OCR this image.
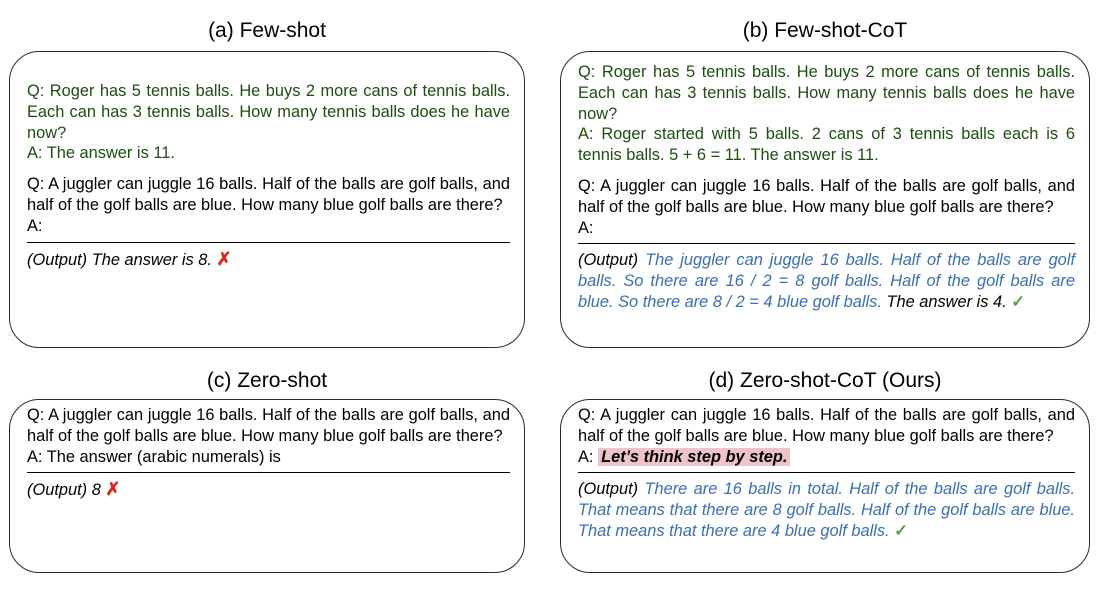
(a) Few-shot
Q: Roger has 5 tennis balls. He buys 2 more cans of tennis balls. Each can has 3 tennis balls. How many tennis balls does he have now?
A: The answer is 11.
Q: A juggler can juggle 16 balls. Half of the balls are golf balls, and half of the golf balls are blue. How many blue golf balls are there?
A:
(Output) The answer is 8. ✗
(b) Few-shot-CoT
Q: Roger has 5 tennis balls. He buys 2 more cans of tennis balls. Each can has 3 tennis balls. How many tennis balls does he have now?
A: Roger started with 5 balls. 2 cans of 3 tennis balls each is 6 tennis balls. 5 + 6 = 11. The answer is 11.
Q: A juggler can juggle 16 balls. Half of the balls are golf balls, and half of the golf balls are blue. How many blue golf balls are there?
A:
(Output) The juggler can juggle 16 balls. Half of the balls are golf balls. So there are 16 / 2 = 8 golf balls. Half of the golf balls are blue. So there are 8 / 2 = 4 blue golf balls. The answer is 4. ✓
(c) Zero-shot
Q: A juggler can juggle 16 balls. Half of the balls are golf balls, and half of the golf balls are blue. How many blue golf balls are there?
A: The answer (arabic numerals) is
(Output) 8 ✗
(d) Zero-shot-CoT (Ours)
Q: A juggler can juggle 16 balls. Half of the balls are golf balls, and half of the golf balls are blue. How many blue golf balls are there?
A: Let’s think step by step.
(Output) There are 16 balls in total. Half of the balls are golf balls. That means that there are 8 golf balls. Half of the golf balls are blue. That means that there are 4 blue golf balls. ✓
